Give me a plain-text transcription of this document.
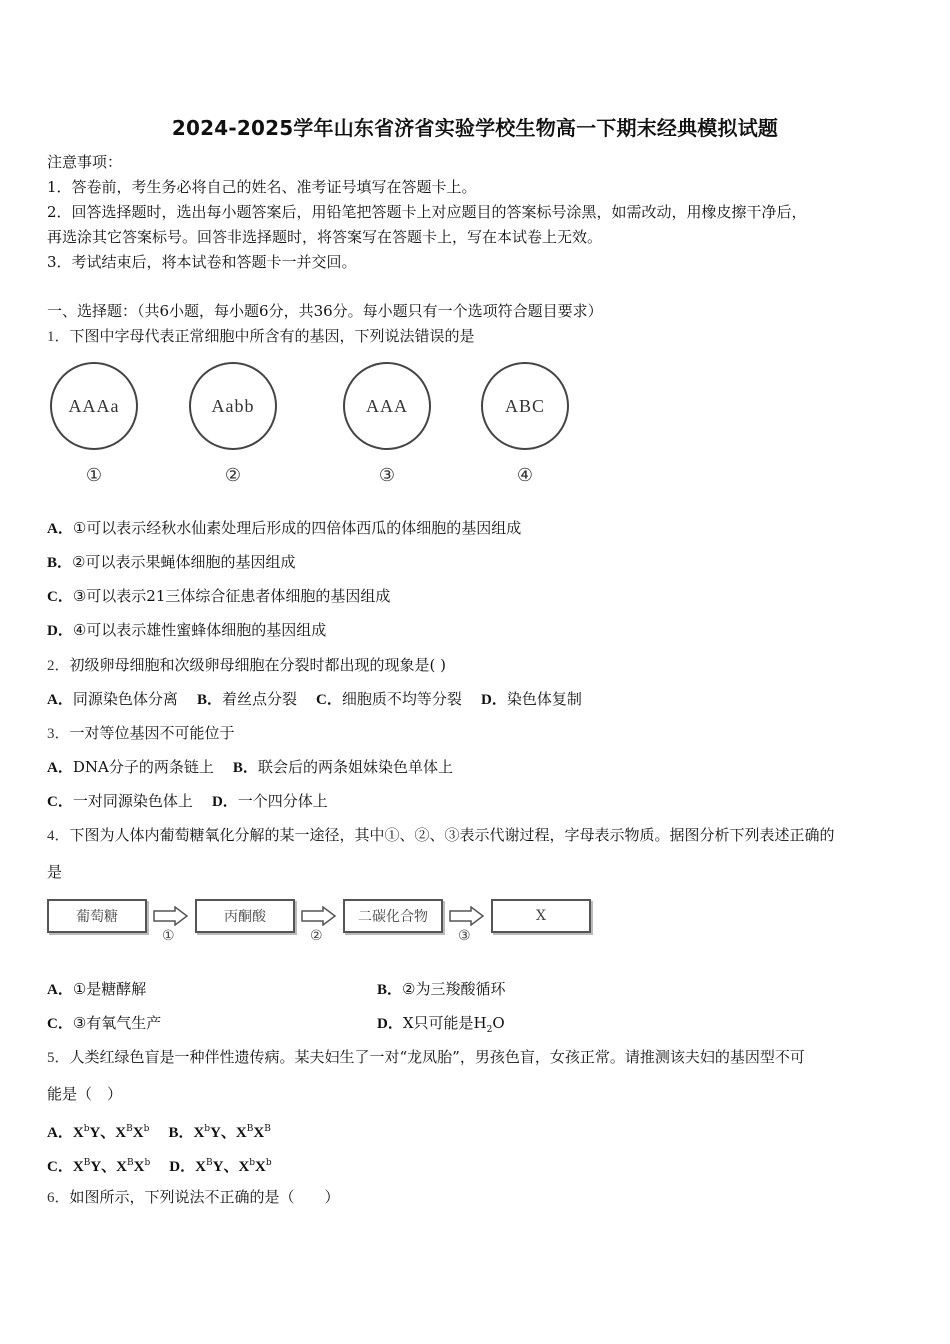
2024-2025学年山东省济省实验学校生物高一下期末经典模拟试题
注意事项：
1．答卷前，考生务必将自己的姓名、准考证号填写在答题卡上。
2．回答选择题时，选出每小题答案后，用铅笔把答题卡上对应题目的答案标号涂黑，如需改动，用橡皮擦干净后，
再选涂其它答案标号。回答非选择题时，将答案写在答题卡上，写在本试卷上无效。
3．考试结束后，将本试卷和答题卡一并交回。
一、选择题：（共6小题，每小题6分，共36分。每小题只有一个选项符合题目要求）
1．下图中字母代表正常细胞中所含有的基因，下列说法错误的是
AAAa	Aabb	AAA	ABC
①	②	③	④
A．①可以表示经秋水仙素处理后形成的四倍体西瓜的体细胞的基因组成
B．②可以表示果蝇体细胞的基因组成
C．③可以表示21三体综合征患者体细胞的基因组成
D．④可以表示雄性蜜蜂体细胞的基因组成
2．初级卵母细胞和次级卵母细胞在分裂时都出现的现象是( )
A．同源染色体分离 B．着丝点分裂 C．细胞质不均等分裂 D．染色体复制
3．一对等位基因不可能位于
A．DNA分子的两条链上 B．联会后的两条姐妹染色单体上
C．一对同源染色体上 D．一个四分体上
4．下图为人体内葡萄糖氧化分解的某一途径，其中①、②、③表示代谢过程，字母表示物质。据图分析下列表述正确的
是
葡萄糖	丙酮酸	二碳化合物	X
①	②	③
A．①是糖酵解	B．②为三羧酸循环
C．③有氧气生产	D．X只可能是$H_2O$
5．人类红绿色盲是一种伴性遗传病。某夫妇生了一对“龙凤胎”，男孩色盲，女孩正常。请推测该夫妇的基因型不可
能是（　）
A．$X^bY$、$X^BX^b$ B．$X^bY$、$X^BX^B$
C．$X^BY$、$X^BX^b$ D．$X^BY$、$X^bX^b$
6．如图所示，下列说法不正确的是（　　）
